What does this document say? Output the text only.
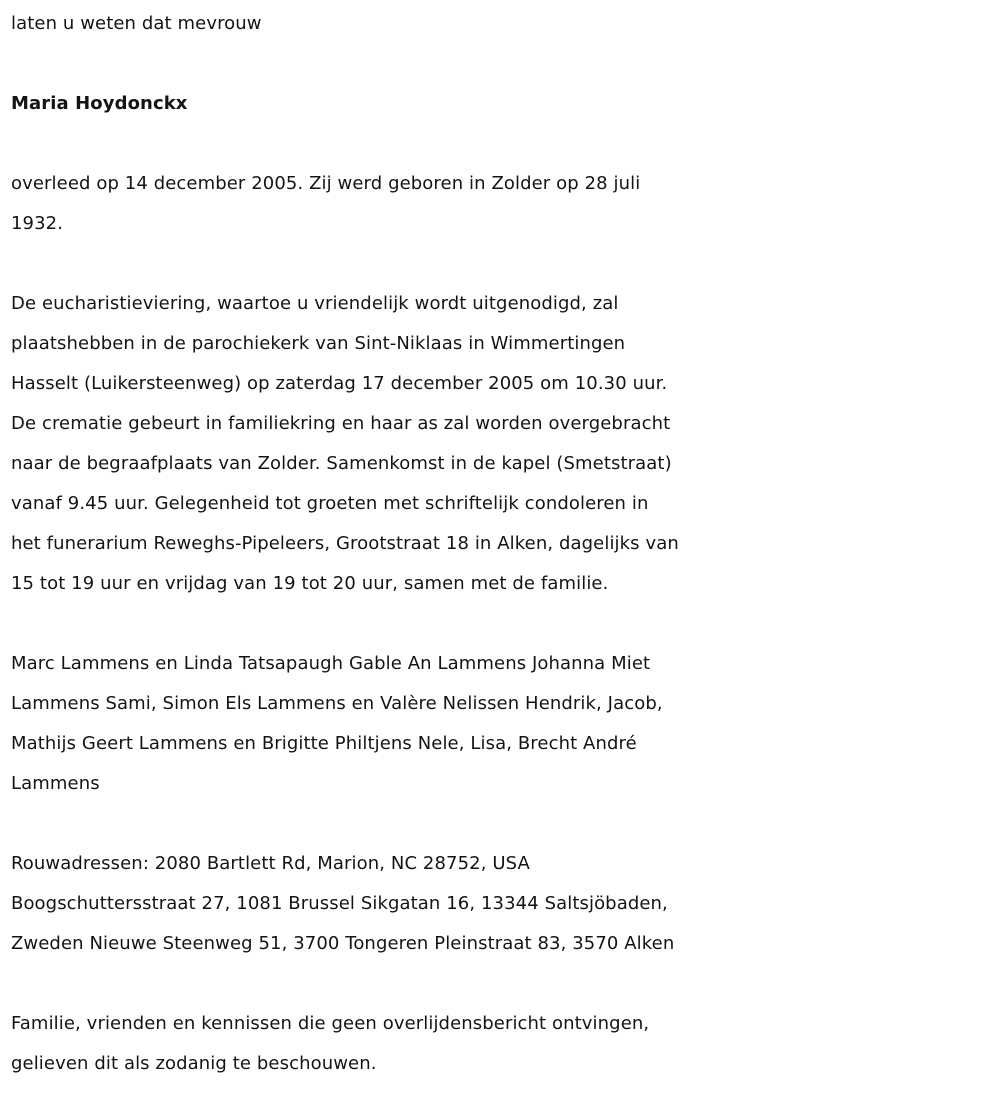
laten u weten dat mevrouw

Maria Hoydonckx

overleed op 14 december 2005. Zij werd geboren in Zolder op 28 juli
1932.

De eucharistieviering, waartoe u vriendelijk wordt uitgenodigd, zal
plaatshebben in de parochiekerk van Sint-Niklaas in Wimmertingen
Hasselt (Luikersteenweg) op zaterdag 17 december 2005 om 10.30 uur.
De crematie gebeurt in familiekring en haar as zal worden overgebracht
naar de begraafplaats van Zolder. Samenkomst in de kapel (Smetstraat)
vanaf 9.45 uur. Gelegenheid tot groeten met schriftelijk condoleren in
het funerarium Reweghs-Pipeleers, Grootstraat 18 in Alken, dagelijks van
15 tot 19 uur en vrijdag van 19 tot 20 uur, samen met de familie.

Marc Lammens en Linda Tatsapaugh Gable An Lammens Johanna Miet
Lammens Sami, Simon Els Lammens en Valère Nelissen Hendrik, Jacob,
Mathijs Geert Lammens en Brigitte Philtjens Nele, Lisa, Brecht André
Lammens

Rouwadressen: 2080 Bartlett Rd, Marion, NC 28752, USA
Boogschuttersstraat 27, 1081 Brussel Sikgatan 16, 13344 Saltsjöbaden,
Zweden Nieuwe Steenweg 51, 3700 Tongeren Pleinstraat 83, 3570 Alken

Familie, vrienden en kennissen die geen overlijdensbericht ontvingen,
gelieven dit als zodanig te beschouwen.
